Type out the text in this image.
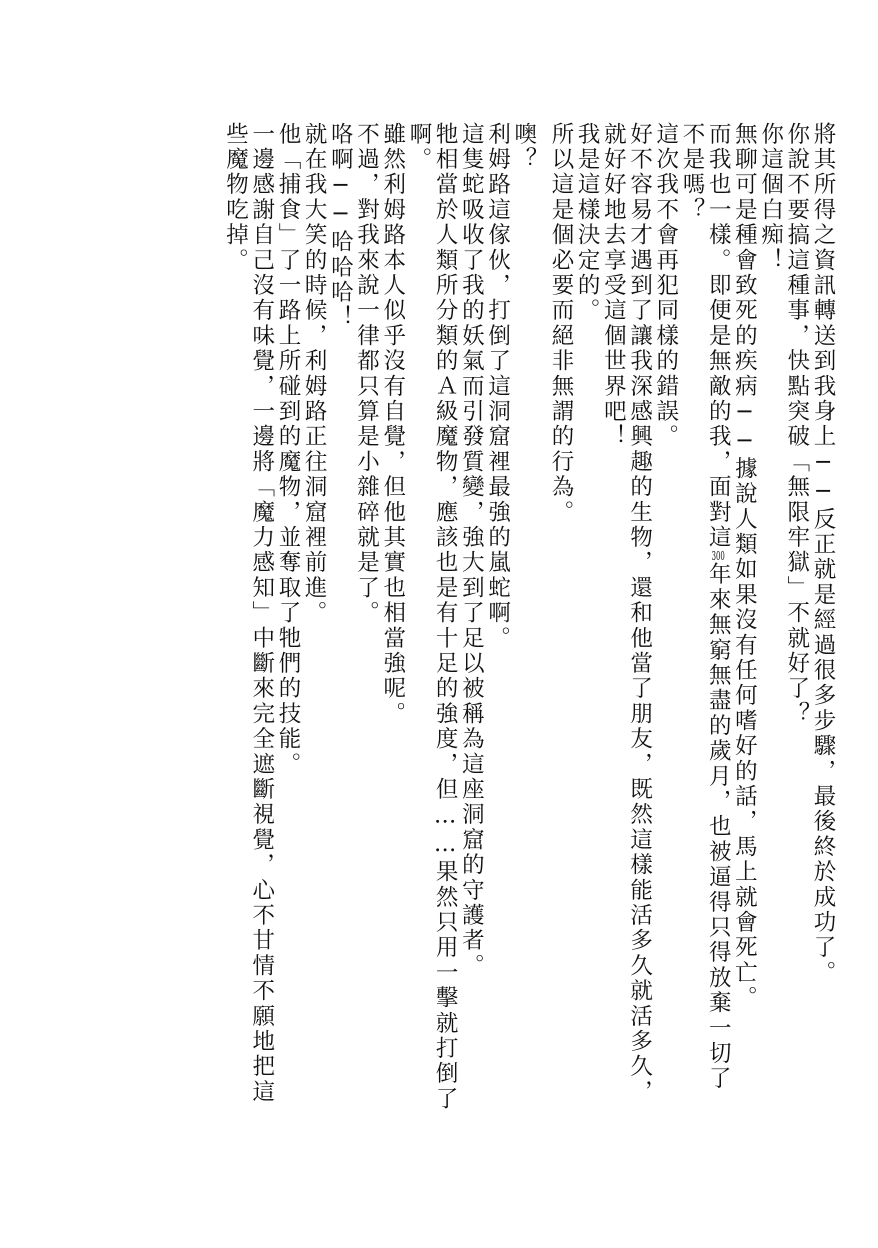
將其所得之資訊轉送到我身上──反正就是經過很多步驟，最後終於成功了。
你說不要搞這種事，快點突破「無限牢獄」不就好了？
你這個白痴！
無聊可是種會致死的疾病──據說人類如果沒有任何嗜好的話，馬上就會死亡。
而我也一樣。即便是無敵的我，面對這300年來無窮無盡的歲月，也被逼得只得放棄一切了
不是嗎？
這次我不會再犯同樣的錯誤。
好不容易才遇到了讓我深感興趣的生物，還和他當了朋友，既然這樣能活多久就活多久，
就好好地去享受這個世界吧！
我是這樣決定的。
所以這是個必要而絕非無謂的行為。
噢？
利姆路這傢伙，打倒了這洞窟裡最強的嵐蛇啊。
這隻蛇吸收了我的妖氣而引發質變，強大到了足以被稱為這座洞窟的守護者。
牠相當於人類所分類的Ａ級魔物，應該也是有十足的強度，但……果然只用一擊就打倒了
啊。
雖然利姆路本人似乎沒有自覺，但他其實也相當強呢。
不過，對我來說一律都只算是小雜碎就是了。
咯啊──哈哈哈！
就在我大笑的時候，利姆路正往洞窟裡前進。
他「捕食」了一路上所碰到的魔物，並奪取了牠們的技能。
一邊感謝自己沒有味覺，一邊將「魔力感知」中斷來完全遮斷視覺，心不甘情不願地把這
些魔物吃掉。
